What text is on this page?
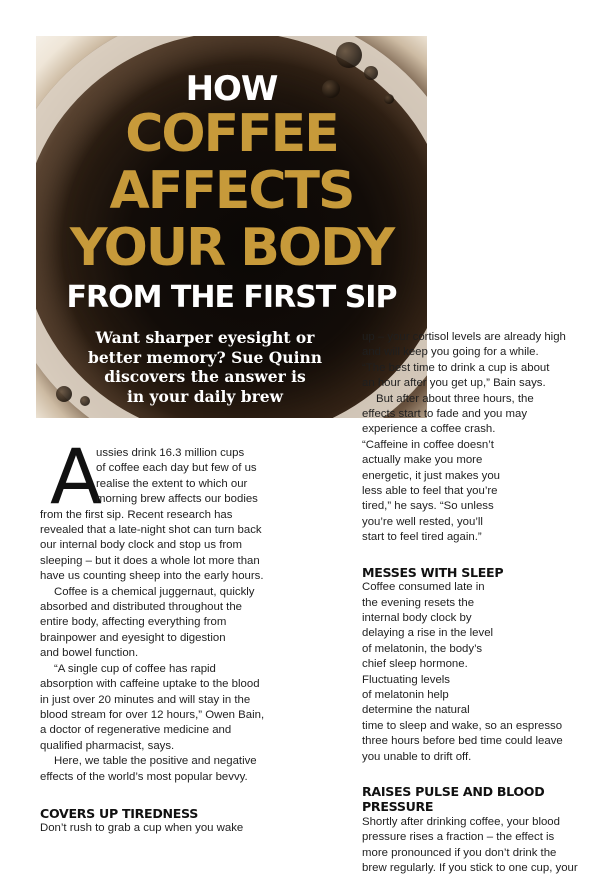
HOW
COFFEE
AFFECTS
YOUR BODY
FROM THE FIRST SIP
Want sharper eyesight or
better memory? Sue Quinn
discovers the answer is
in your daily brew
A
ussies drink 16.3 million cups
of coffee each day but few of us
realise the extent to which our
morning brew affects our bodies
from the first sip. Recent research has
revealed that a late-night shot can turn back
our internal body clock and stop us from
sleeping – but it does a whole lot more than
have us counting sheep into the early hours.
Coffee is a chemical juggernaut, quickly
absorbed and distributed throughout the
entire body, affecting everything from
brainpower and eyesight to digestion
and bowel function.
“A single cup of coffee has rapid
absorption with caffeine uptake to the blood
in just over 20 minutes and will stay in the
blood stream for over 12 hours,” Owen Bain,
a doctor of regenerative medicine and
qualified pharmacist, says.
Here, we table the positive and negative
effects of the world’s most popular bevvy.
COVERS UP TIREDNESS
Don’t rush to grab a cup when you wake
up – your cortisol levels are already high
and will keep you going for a while.
“The best time to drink a cup is about
an hour after you get up,” Bain says.
But after about three hours, the
effects start to fade and you may
experience a coffee crash.
“Caffeine in coffee doesn’t
actually make you more
energetic, it just makes you
less able to feel that you’re
tired,” he says. “So unless
you’re well rested, you’ll
start to feel tired again.”
MESSES WITH SLEEP
Coffee consumed late in
the evening resets the
internal body clock by
delaying a rise in the level
of melatonin, the body’s
chief sleep hormone.
Fluctuating levels
of melatonin help
determine the natural
time to sleep and wake, so an espresso
three hours before bed time could leave
you unable to drift off.
RAISES PULSE AND BLOOD PRESSURE
Shortly after drinking coffee, your blood
pressure rises a fraction – the effect is
more pronounced if you don’t drink the
brew regularly. If you stick to one cup, your
